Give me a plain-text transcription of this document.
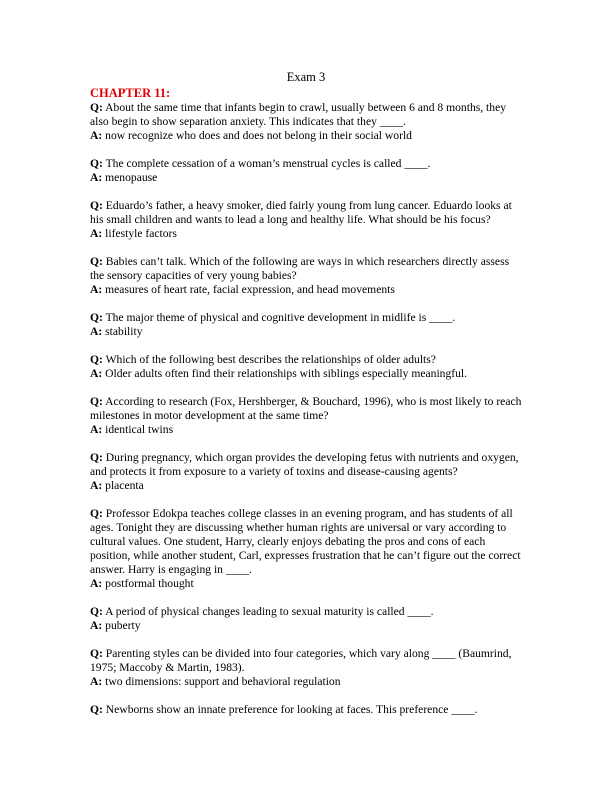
Exam 3
CHAPTER 11:

Q: About the same time that infants begin to crawl, usually between 6 and 8 months, they also begin to show separation anxiety. This indicates that they ____.

A: now recognize who does and does not belong in their social world

Q: The complete cessation of a woman’s menstrual cycles is called ____.

A: menopause

Q: Eduardo’s father, a heavy smoker, died fairly young from lung cancer. Eduardo looks at his small children and wants to lead a long and healthy life. What should be his focus?

A: lifestyle factors

Q: Babies can’t talk. Which of the following are ways in which researchers directly assess the sensory capacities of very young babies?

A: measures of heart rate, facial expression, and head movements

Q: The major theme of physical and cognitive development in midlife is ____.

A: stability

Q: Which of the following best describes the relationships of older adults?

A: Older adults often find their relationships with siblings especially meaningful.

Q: According to research (Fox, Hershberger, & Bouchard, 1996), who is most likely to reach milestones in motor development at the same time?

A: identical twins

Q: During pregnancy, which organ provides the developing fetus with nutrients and oxygen, and protects it from exposure to a variety of toxins and disease-causing agents?

A: placenta

Q: Professor Edokpa teaches college classes in an evening program, and has students of all ages. Tonight they are discussing whether human rights are universal or vary according to cultural values. One student, Harry, clearly enjoys debating the pros and cons of each position, while another student, Carl, expresses frustration that he can’t figure out the correct answer. Harry is engaging in ____.

A: postformal thought

Q: A period of physical changes leading to sexual maturity is called ____.

A: puberty

Q: Parenting styles can be divided into four categories, which vary along ____ (Baumrind, 1975; Maccoby & Martin, 1983).

A: two dimensions: support and behavioral regulation

Q: Newborns show an innate preference for looking at faces. This preference ____.
